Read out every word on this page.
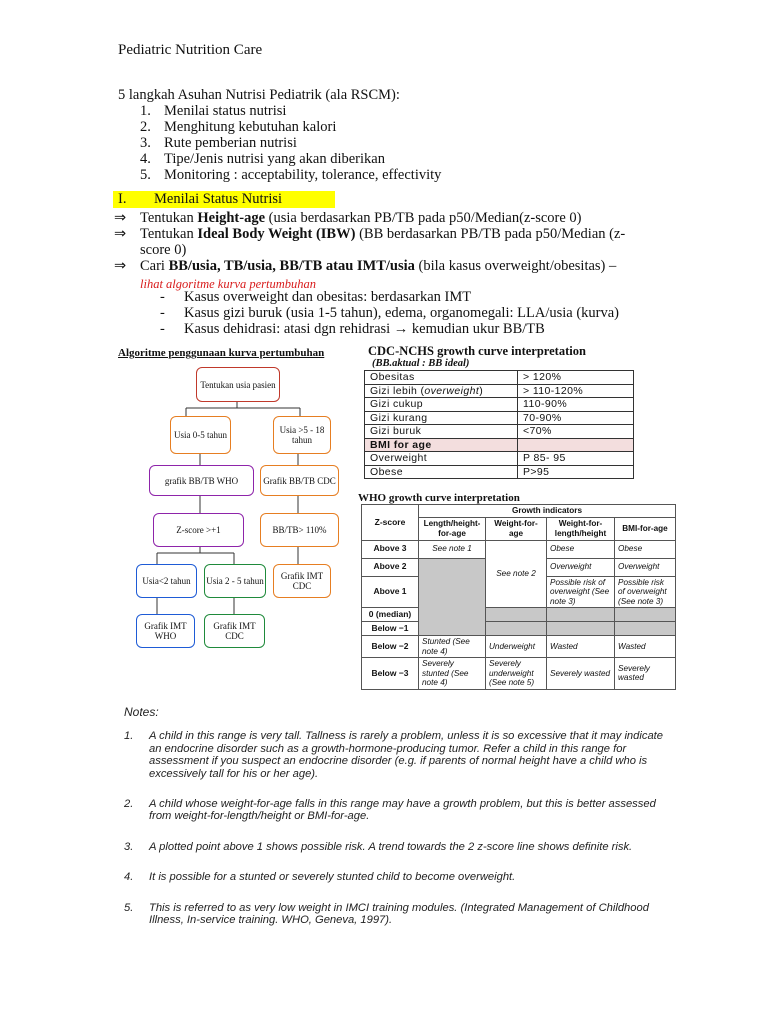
Pediatric Nutrition Care
5 langkah Asuhan Nutrisi Pediatrik (ala RSCM):
1. Menilai status nutrisi
2. Menghitung kebutuhan kalori
3. Rute pemberian nutrisi
4. Tipe/Jenis nutrisi yang akan diberikan
5. Monitoring : acceptability, tolerance, effectivity
I.	Menilai Status Nutrisi
⇒ Tentukan Height-age (usia berdasarkan PB/TB pada p50/Median(z-score 0)
⇒ Tentukan Ideal Body Weight (IBW) (BB berdasarkan PB/TB pada p50/Median (z-score 0)
⇒ Cari BB/usia, TB/usia, BB/TB atau IMT/usia (bila kasus overweight/obesitas) –
lihat algoritme kurva pertumbuhan
-	Kasus overweight dan obesitas: berdasarkan IMT
-	Kasus gizi buruk (usia 1-5 tahun), edema, organomegali: LLA/usia (kurva)
-	Kasus dehidrasi: atasi dgn rehidrasi → kemudian ukur BB/TB
Algoritme penggunaan kurva pertumbuhan
Tentukan usia pasien
Usia 0-5 tahun	Usia >5 - 18 tahun
grafik BB/TB WHO	Grafik BB/TB CDC
Z-score >+1	BB/TB> 110%
Usia<2 tahun Usia 2 - 5 tahun	Grafik IMT CDC
Grafik IMT WHO
Grafik IMT CDC
CDC-NCHS growth curve interpretation
(BB.aktual : BB ideal)
Obesitas	> 120%
Gizi lebih (overweight)	> 110-120%
Gizi cukup	110-90%
Gizi kurang	70-90%
Gizi buruk	<70%
BMI for age	
Overweight	P 85- 95
Obese	P>95
WHO growth curve interpretation
Z-score	Growth indicators			
	Length/height-for-age	Weight-for-age	Weight-for-length/height	BMI-for-age
Above 3	See note 1	See note 2	Obese	Obese
Above 2			Overweight	Overweight
Above 1			Possible risk of overweight (See note 3)	Possible risk of overweight (See note 3)
0 (median)				
Below −1				
Below −2	Stunted (See note 4)	Underweight	Wasted	Wasted
Below −3	Severely stunted (See note 4)	Severely underweight (See note 5)	Severely wasted	Severely wasted
Notes:
1.	A child in this range is very tall. Tallness is rarely a problem, unless it is so excessive that it may indicate an endocrine disorder such as a growth-hormone-producing tumor. Refer a child in this range for assessment if you suspect an endocrine disorder (e.g. if parents of normal height have a child who is excessively tall for his or her age).
2.	A child whose weight-for-age falls in this range may have a growth problem, but this is better assessed from weight-for-length/height or BMI-for-age.
3.	A plotted point above 1 shows possible risk. A trend towards the 2 z-score line shows definite risk.
4.	It is possible for a stunted or severely stunted child to become overweight.
5.	This is referred to as very low weight in IMCI training modules. (Integrated Management of Childhood Illness, In-service training. WHO, Geneva, 1997).
